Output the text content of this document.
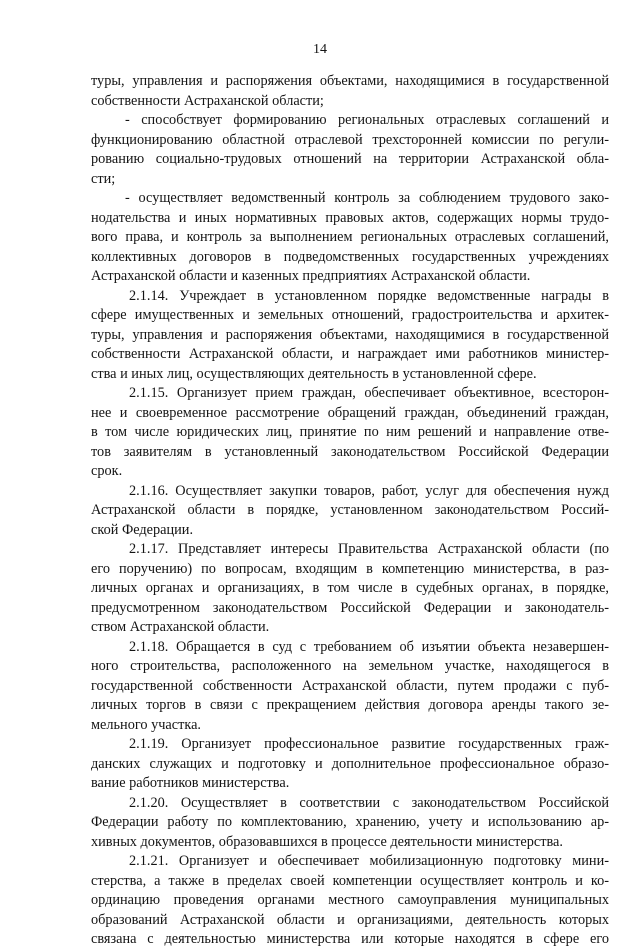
14
туры, управления и распоряжения объектами, находящимися в государственной
собственности Астраханской области;
- способствует формированию региональных отраслевых соглашений и
функционированию областной отраслевой трехсторонней комиссии по регули-
рованию социально-трудовых отношений на территории Астраханской обла-
сти;
- осуществляет ведомственный контроль за соблюдением трудового зако-
нодательства и иных нормативных правовых актов, содержащих нормы трудо-
вого права, и контроль за выполнением региональных отраслевых соглашений,
коллективных договоров в подведомственных государственных учреждениях
Астраханской области и казенных предприятиях Астраханской области.
2.1.14. Учреждает в установленном порядке ведомственные награды в
сфере имущественных и земельных отношений, градостроительства и архитек-
туры, управления и распоряжения объектами, находящимися в государственной
собственности Астраханской области, и награждает ими работников министер-
ства и иных лиц, осуществляющих деятельность в установленной сфере.
2.1.15. Организует прием граждан, обеспечивает объективное, всесторон-
нее и своевременное рассмотрение обращений граждан, объединений граждан,
в том числе юридических лиц, принятие по ним решений и направление отве-
тов заявителям в установленный законодательством Российской Федерации
срок.
2.1.16. Осуществляет закупки товаров, работ, услуг для обеспечения нужд
Астраханской области в порядке, установленном законодательством Россий-
ской Федерации.
2.1.17. Представляет интересы Правительства Астраханской области (по
его поручению) по вопросам, входящим в компетенцию министерства, в раз-
личных органах и организациях, в том числе в судебных органах, в порядке,
предусмотренном законодательством Российской Федерации и законодатель-
ством Астраханской области.
2.1.18. Обращается в суд с требованием об изъятии объекта незавершен-
ного строительства, расположенного на земельном участке, находящегося в
государственной собственности Астраханской области, путем продажи с пуб-
личных торгов в связи с прекращением действия договора аренды такого зе-
мельного участка.
2.1.19. Организует профессиональное развитие государственных граж-
данских служащих и подготовку и дополнительное профессиональное образо-
вание работников министерства.
2.1.20. Осуществляет в соответствии с законодательством Российской
Федерации работу по комплектованию, хранению, учету и использованию ар-
хивных документов, образовавшихся в процессе деятельности министерства.
2.1.21. Организует и обеспечивает мобилизационную подготовку мини-
стерства, а также в пределах своей компетенции осуществляет контроль и ко-
ординацию проведения органами местного самоуправления муниципальных
образований Астраханской области и организациями, деятельность которых
связана с деятельностью министерства или которые находятся в сфере его
